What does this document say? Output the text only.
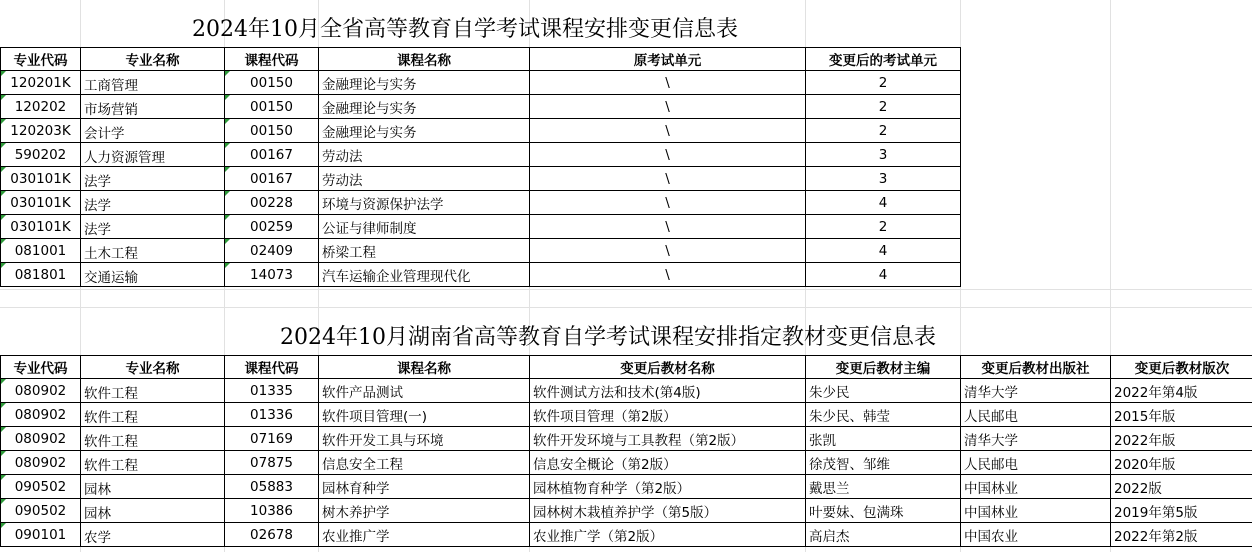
2024年10月全省高等教育自学考试课程安排变更信息表
专业代码	专业名称	课程代码	课程名称	原考试单元	变更后的考试单元
120201K	工商管理	00150	金融理论与实务	\	2
120202	市场营销	00150	金融理论与实务	\	2
120203K	会计学	00150	金融理论与实务	\	2
590202	人力资源管理	00167	劳动法	\	3
030101K	法学	00167	劳动法	\	3
030101K	法学	00228	环境与资源保护法学	\	4
030101K	法学	00259	公证与律师制度	\	2
081001	土木工程	02409	桥梁工程	\	4
081801	交通运输	14073	汽车运输企业管理现代化	\	4
2024年10月湖南省高等教育自学考试课程安排指定教材变更信息表
专业代码	专业名称	课程代码	课程名称	变更后教材名称	变更后教材主编	变更后教材出版社	变更后教材版次
080902	软件工程	01335	软件产品测试	软件测试方法和技术(第4版)	朱少民	清华大学	2022年第4版
080902	软件工程	01336	软件项目管理(一)	软件项目管理（第2版）	朱少民、韩莹	人民邮电	2015年版
080902	软件工程	07169	软件开发工具与环境	软件开发环境与工具教程（第2版）	张凯	清华大学	2022年版
080902	软件工程	07875	信息安全工程	信息安全概论（第2版）	徐茂智、邹维	人民邮电	2020年版
090502	园林	05883	园林育种学	园林植物育种学（第2版）	戴思兰	中国林业	2022版
090502	园林	10386	树木养护学	园林树木栽植养护学（第5版）	叶要妹、包满珠	中国林业	2019年第5版
090101	农学	02678	农业推广学	农业推广学（第2版）	高启杰	中国农业	2022年第2版
